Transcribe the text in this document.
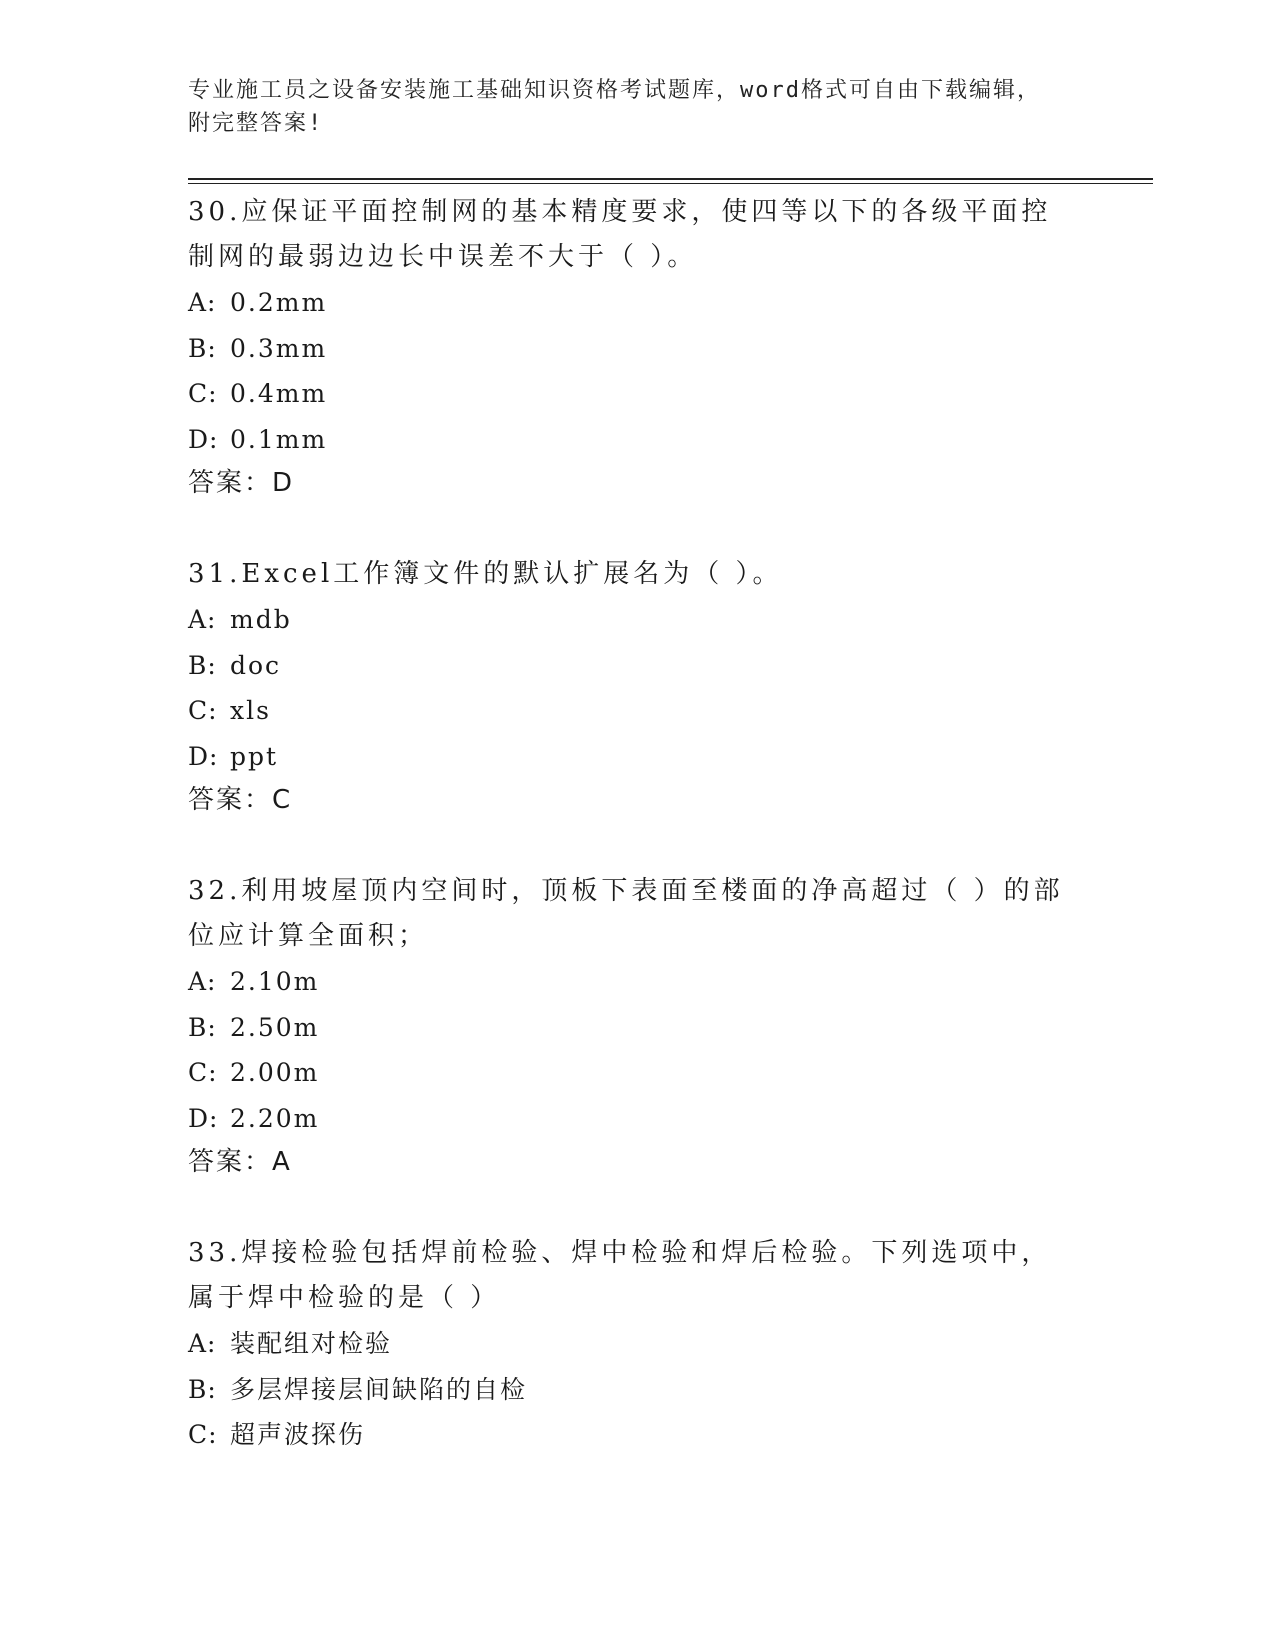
专业施工员之设备安装施工基础知识资格考试题库，word格式可自由下载编辑，
附完整答案!

30.应保证平面控制网的基本精度要求，使四等以下的各级平面控制网的最弱边边长中误差不大于（ ）。

A: 0.2mm

B: 0.3mm

C: 0.4mm

D: 0.1mm

答案：D

31.Excel工作簿文件的默认扩展名为（ ）。

A: mdb

B: doc

C: xls

D: ppt

答案：C

32.利用坡屋顶内空间时，顶板下表面至楼面的净高超过（ ）的部位应计算全面积；

A: 2.10m

B: 2.50m

C: 2.00m

D: 2.20m

答案：A

33.焊接检验包括焊前检验、焊中检验和焊后检验。下列选项中，属于焊中检验的是（ ）

A: 装配组对检验

B: 多层焊接层间缺陷的自检

C: 超声波探伤
